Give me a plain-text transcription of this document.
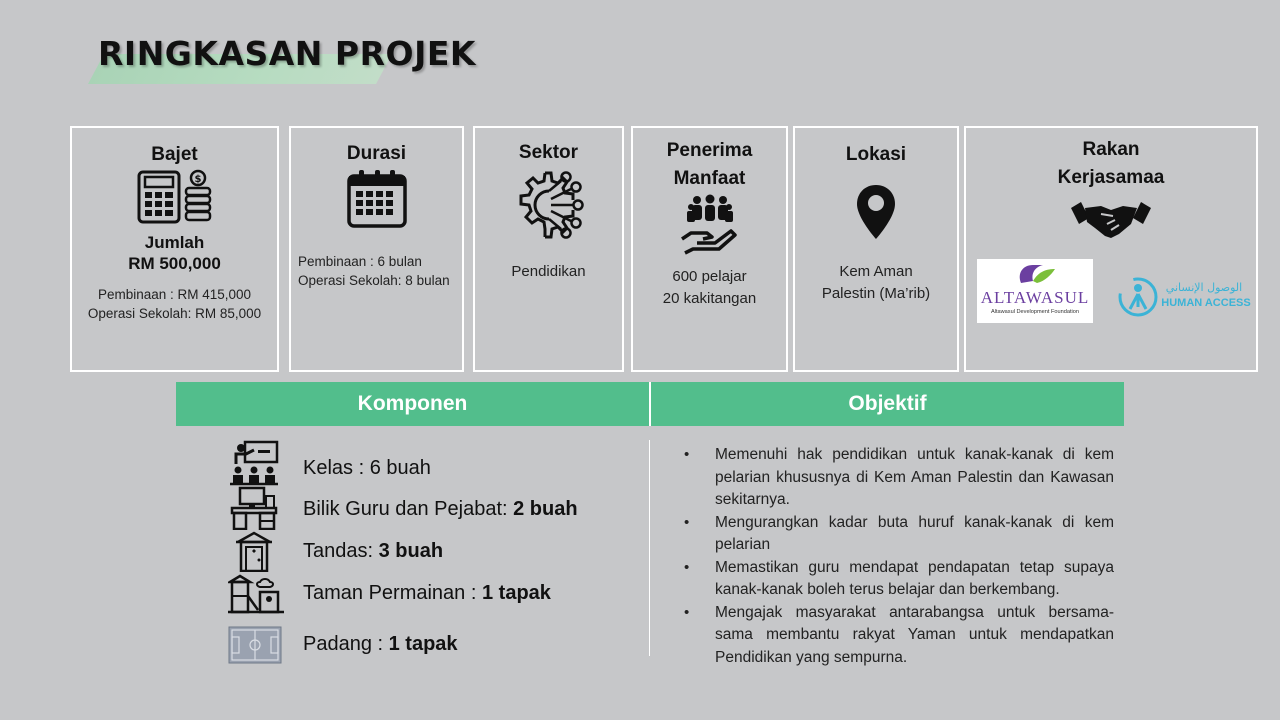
RINGKASAN PROJEK
Bajet
$
Jumlah
RM 500,000
Pembinaan : RM 415,000
Operasi Sekolah: RM 85,000
Durasi
Pembinaan : 6 bulan
Operasi Sekolah: 8 bulan
Sektor
Pendidikan
Penerima
Manfaat
600 pelajar
20 kakitangan
Lokasi
Kem Aman
Palestin (Ma’rib)
Rakan
Kerjasamaa
ALTAWASUL
Altawasul Development Foundation
الوصول الإنساني
HUMAN ACCESS
Komponen	Objektif
Kelas : 6 buah
Bilik Guru dan Pejabat: 2 buah
Tandas: 3 buah
Taman Permainan : 1 tapak
Padang : 1 tapak
• Memenuhi hak pendidikan untuk kanak-kanak di kem pelarian khususnya di Kem Aman Palestin dan Kawasan sekitarnya.
• Mengurangkan kadar buta huruf kanak-kanak di kem pelarian
• Memastikan guru mendapat pendapatan tetap supaya kanak-kanak boleh terus belajar dan berkembang.
• Mengajak masyarakat antarabangsa untuk bersama-sama membantu rakyat Yaman untuk mendapatkan Pendidikan yang sempurna.
